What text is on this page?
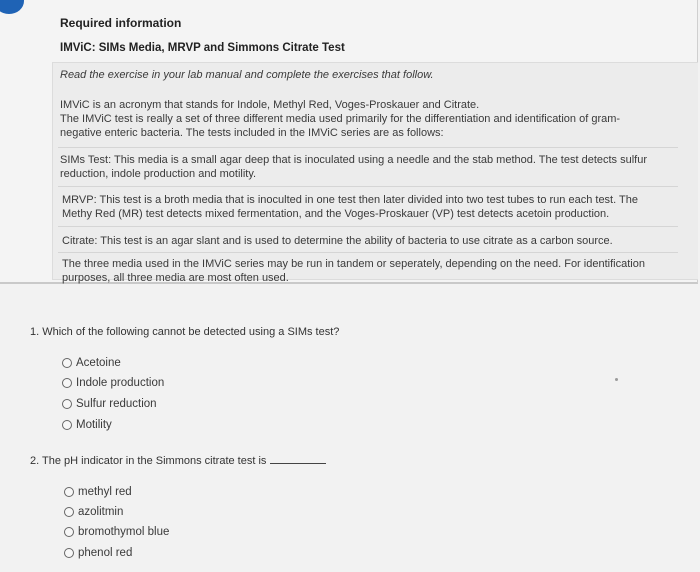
Required information
IMViC: SIMs Media, MRVP and Simmons Citrate Test
Read the exercise in your lab manual and complete the exercises that follow.
IMViC is an acronym that stands for Indole, Methyl Red, Voges-Proskauer and Citrate.
The IMViC test is really a set of three different media used primarily for the differentiation and identification of gram-
negative enteric bacteria. The tests included in the IMViC series are as follows:
SIMs Test: This media is a small agar deep that is inoculated using a needle and the stab method. The test detects sulfur
reduction, indole production and motility.
MRVP: This test is a broth media that is inoculted in one test then later divided into two test tubes to run each test. The
Methy Red (MR) test detects mixed fermentation, and the Voges-Proskauer (VP) test detects acetoin production.
Citrate: This test is an agar slant and is used to determine the ability of bacteria to use citrate as a carbon source.
The three media used in the IMViC series may be run in tandem or seperately, depending on the need. For identification
purposes, all three media are most often used.
1. Which of the following cannot be detected using a SIMs test?
Acetoine
Indole production
Sulfur reduction
Motility
2. The pH indicator in the Simmons citrate test is
methyl red
azolitmin
bromothymol blue
phenol red
